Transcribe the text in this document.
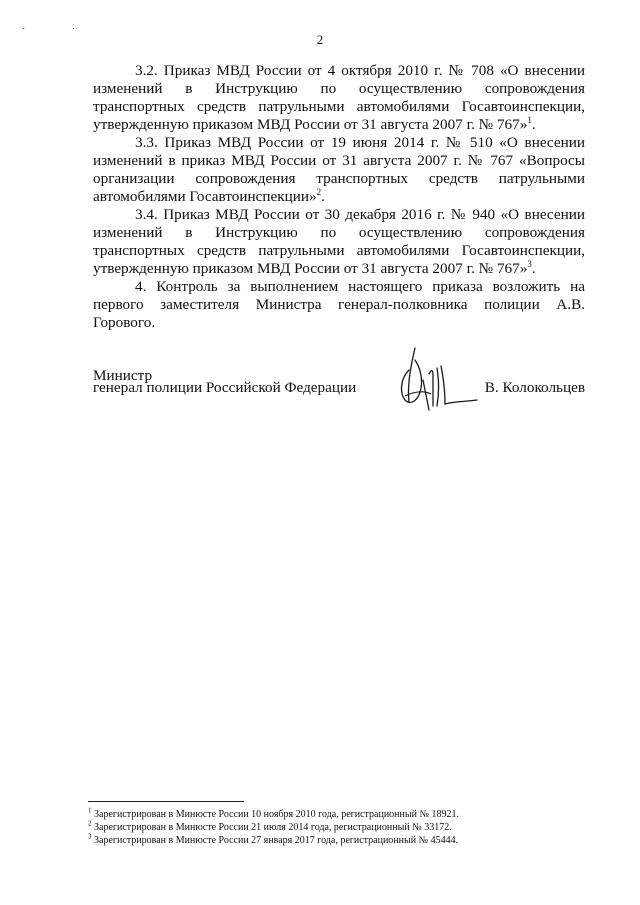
· ·
2

3.2. Приказ МВД России от 4 октября 2010 г. № 708 «О внесении изменений в Инструкцию по осуществлению сопровождения транспортных средств патрульными автомобилями Госавтоинспекции, утвержденную приказом МВД России от 31 августа 2007 г. № 767»$^1$.

3.3. Приказ МВД России от 19 июня 2014 г. № 510 «О внесении изменений в приказ МВД России от 31 августа 2007 г. № 767 «Вопросы организации сопровождения транспортных средств патрульными автомобилями Госавтоинспекции»$^2$.

3.4. Приказ МВД России от 30 декабря 2016 г. № 940 «О внесении изменений в Инструкцию по осуществлению сопровождения транспортных средств патрульными автомобилями Госавтоинспекции, утвержденную приказом МВД России от 31 августа 2007 г. № 767»$^3$.

4. Контроль за выполнением настоящего приказа возложить на первого заместителя Министра генерал-полковника полиции А.В. Горового.

Министр
генерал полиции Российской Федерации	В. Колокольцев
$^1$ Зарегистрирован в Минюсте России 10 ноября 2010 года, регистрационный № 18921.
$^2$ Зарегистрирован в Минюсте России 21 июля 2014 года, регистрационный № 33172.
$^3$ Зарегистрирован в Минюсте России 27 января 2017 года, регистрационный № 45444.
